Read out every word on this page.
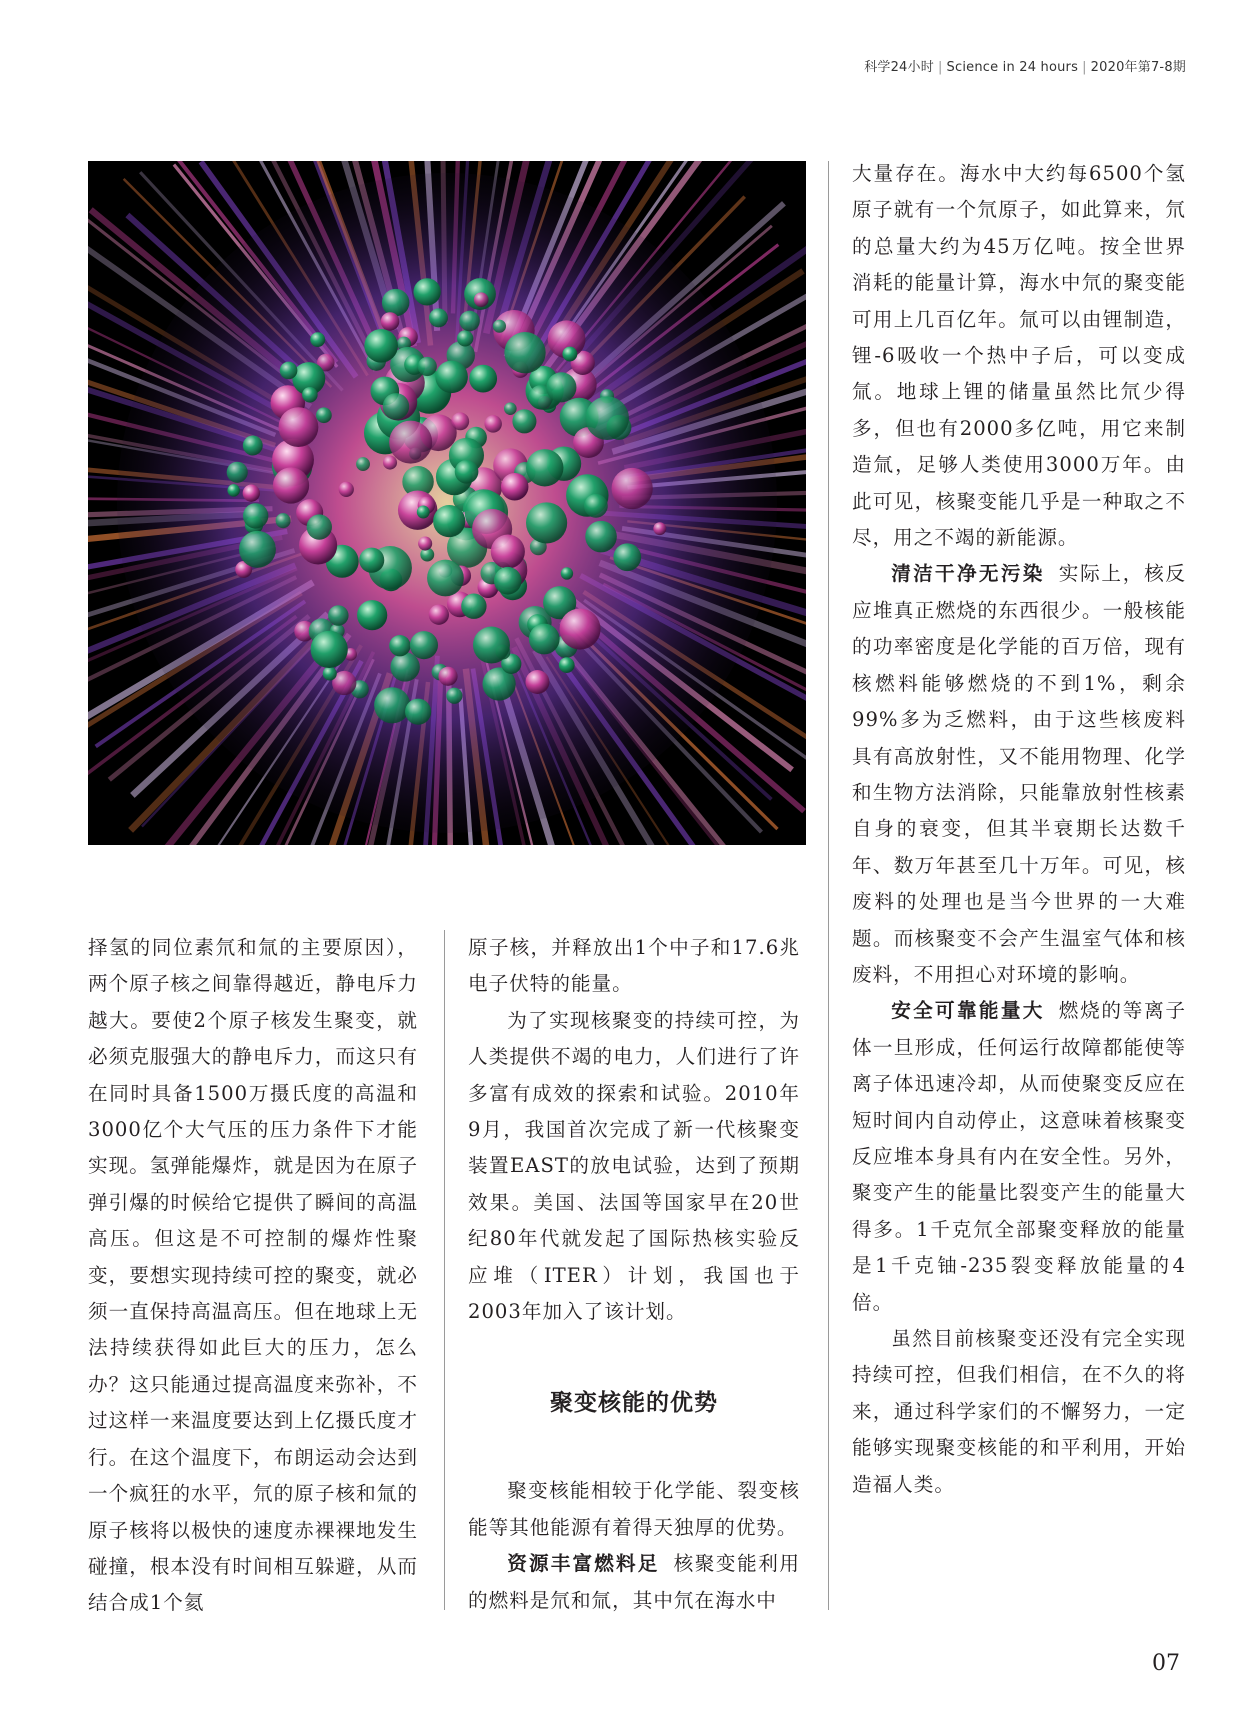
科学24小时 | Science in 24 hours | 2020年第7-8期

择氢的同位素氘和氚的主要原因），两个原子核之间靠得越近，静电斥力越大。要使2个原子核发生聚变，就必须克服强大的静电斥力，而这只有在同时具备1500万摄氏度的高温和3000亿个大气压的压力条件下才能实现。氢弹能爆炸，就是因为在原子弹引爆的时候给它提供了瞬间的高温高压。但这是不可控制的爆炸性聚变，要想实现持续可控的聚变，就必须一直保持高温高压。但在地球上无法持续获得如此巨大的压力，怎么办？这只能通过提高温度来弥补，不过这样一来温度要达到上亿摄氏度才行。在这个温度下，布朗运动会达到一个疯狂的水平，氘的原子核和氚的原子核将以极快的速度赤裸裸地发生碰撞，根本没有时间相互躲避，从而结合成1个氦

原子核，并释放出1个中子和17.6兆电子伏特的能量。

为了实现核聚变的持续可控，为人类提供不竭的电力，人们进行了许多富有成效的探索和试验。2010年9月，我国首次完成了新一代核聚变装置EAST的放电试验，达到了预期效果。美国、法国等国家早在20世纪80年代就发起了国际热核实验反应堆（ITER）计划，我国也于2003年加入了该计划。

聚变核能的优势

聚变核能相较于化学能、裂变核能等其他能源有着得天独厚的优势。

资源丰富燃料足 核聚变能利用的燃料是氘和氚，其中氘在海水中

大量存在。海水中大约每6500个氢原子就有一个氘原子，如此算来，氘的总量大约为45万亿吨。按全世界消耗的能量计算，海水中氘的聚变能可用上几百亿年。氚可以由锂制造，锂-6吸收一个热中子后，可以变成氚。地球上锂的储量虽然比氘少得多，但也有2000多亿吨，用它来制造氚，足够人类使用3000万年。由此可见，核聚变能几乎是一种取之不尽，用之不竭的新能源。

清洁干净无污染 实际上，核反应堆真正燃烧的东西很少。一般核能的功率密度是化学能的百万倍，现有核燃料能够燃烧的不到1%，剩余99%多为乏燃料，由于这些核废料具有高放射性，又不能用物理、化学和生物方法消除，只能靠放射性核素自身的衰变，但其半衰期长达数千年、数万年甚至几十万年。可见，核废料的处理也是当今世界的一大难题。而核聚变不会产生温室气体和核废料，不用担心对环境的影响。

安全可靠能量大 燃烧的等离子体一旦形成，任何运行故障都能使等离子体迅速冷却，从而使聚变反应在短时间内自动停止，这意味着核聚变反应堆本身具有内在安全性。另外，聚变产生的能量比裂变产生的能量大得多。1千克氘全部聚变释放的能量是1千克铀-235裂变释放能量的4倍。

虽然目前核聚变还没有完全实现持续可控，但我们相信，在不久的将来，通过科学家们的不懈努力，一定能够实现聚变核能的和平利用，开始造福人类。

07
